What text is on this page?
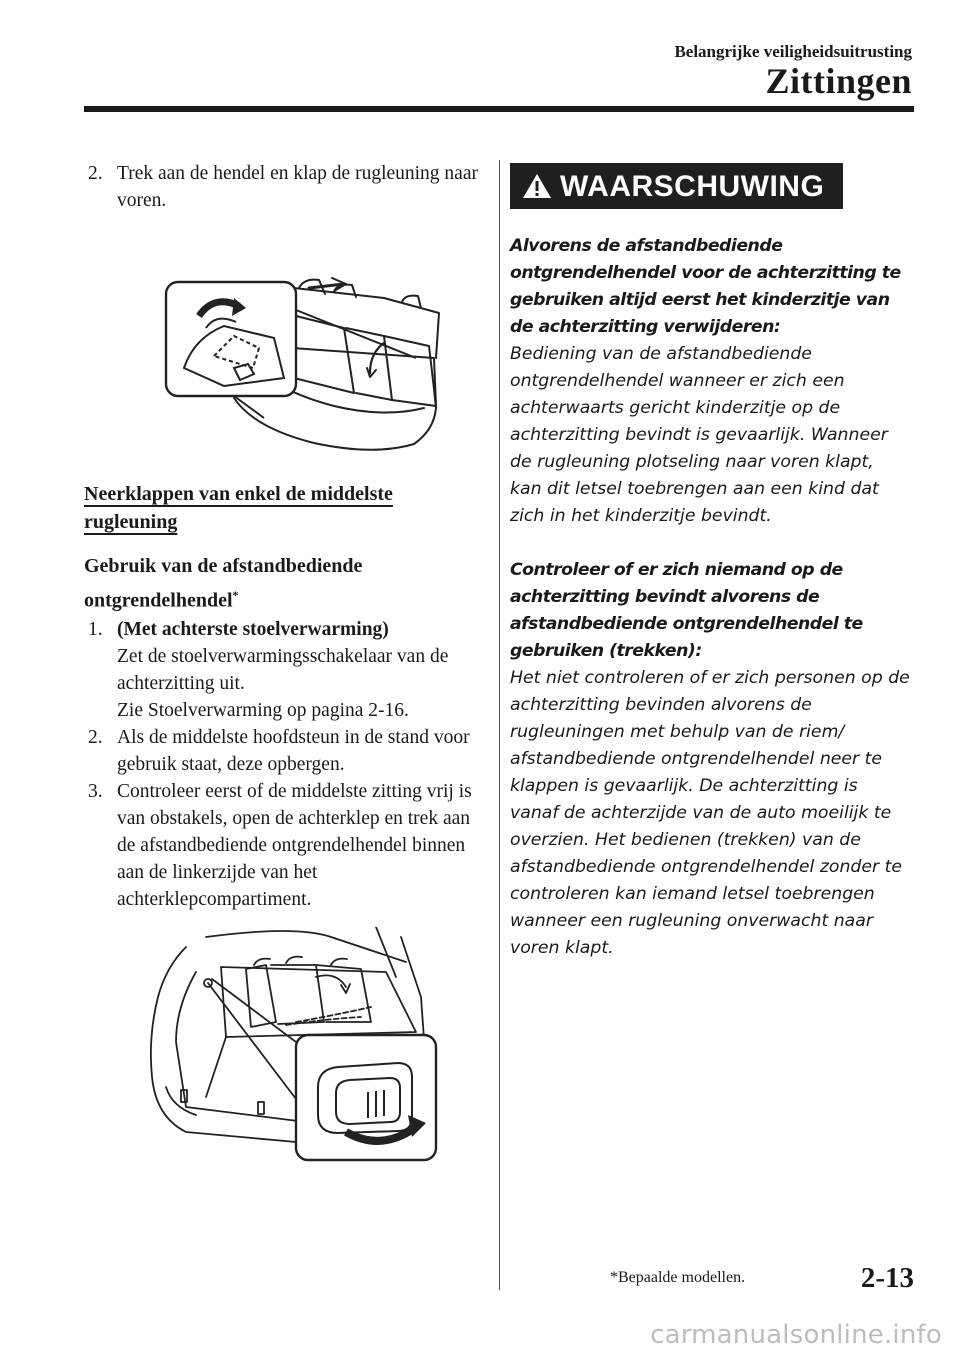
Belangrijke veiligheidsuitrusting
Zittingen
2. Trek aan de hendel en klap de rugleuning naar voren.
Neerklappen van enkel de middelste rugleuning
Gebruik van de afstandbediende ontgrendelhendel*
1. (Met achterste stoelverwarming)
Zet de stoelverwarmingsschakelaar van de achterzitting uit.
Zie Stoelverwarming op pagina 2-16.
2. Als de middelste hoofdsteun in de stand voor gebruik staat, deze opbergen.
3. Controleer eerst of de middelste zitting vrij is van obstakels, open de achterklep en trek aan de afstandbediende ontgrendelhendel binnen aan de linkerzijde van het achterklepcompartiment.
WAARSCHUWING
Alvorens de afstandbediende ontgrendelhendel voor de achterzitting te gebruiken altijd eerst het kinderzitje van de achterzitting verwijderen:
Bediening van de afstandbediende ontgrendelhendel wanneer er zich een achterwaarts gericht kinderzitje op de achterzitting bevindt is gevaarlijk. Wanneer de rugleuning plotseling naar voren klapt, kan dit letsel toebrengen aan een kind dat zich in het kinderzitje bevindt.
Controleer of er zich niemand op de achterzitting bevindt alvorens de afstandbediende ontgrendelhendel te gebruiken (trekken):
Het niet controleren of er zich personen op de achterzitting bevinden alvorens de rugleuningen met behulp van de riem/ afstandbediende ontgrendelhendel neer te klappen is gevaarlijk. De achterzitting is vanaf de achterzijde van de auto moeilijk te overzien. Het bedienen (trekken) van de afstandbediende ontgrendelhendel zonder te controleren kan iemand letsel toebrengen wanneer een rugleuning onverwacht naar voren klapt.
*Bepaalde modellen.	2-13
carmanualsonline.info
